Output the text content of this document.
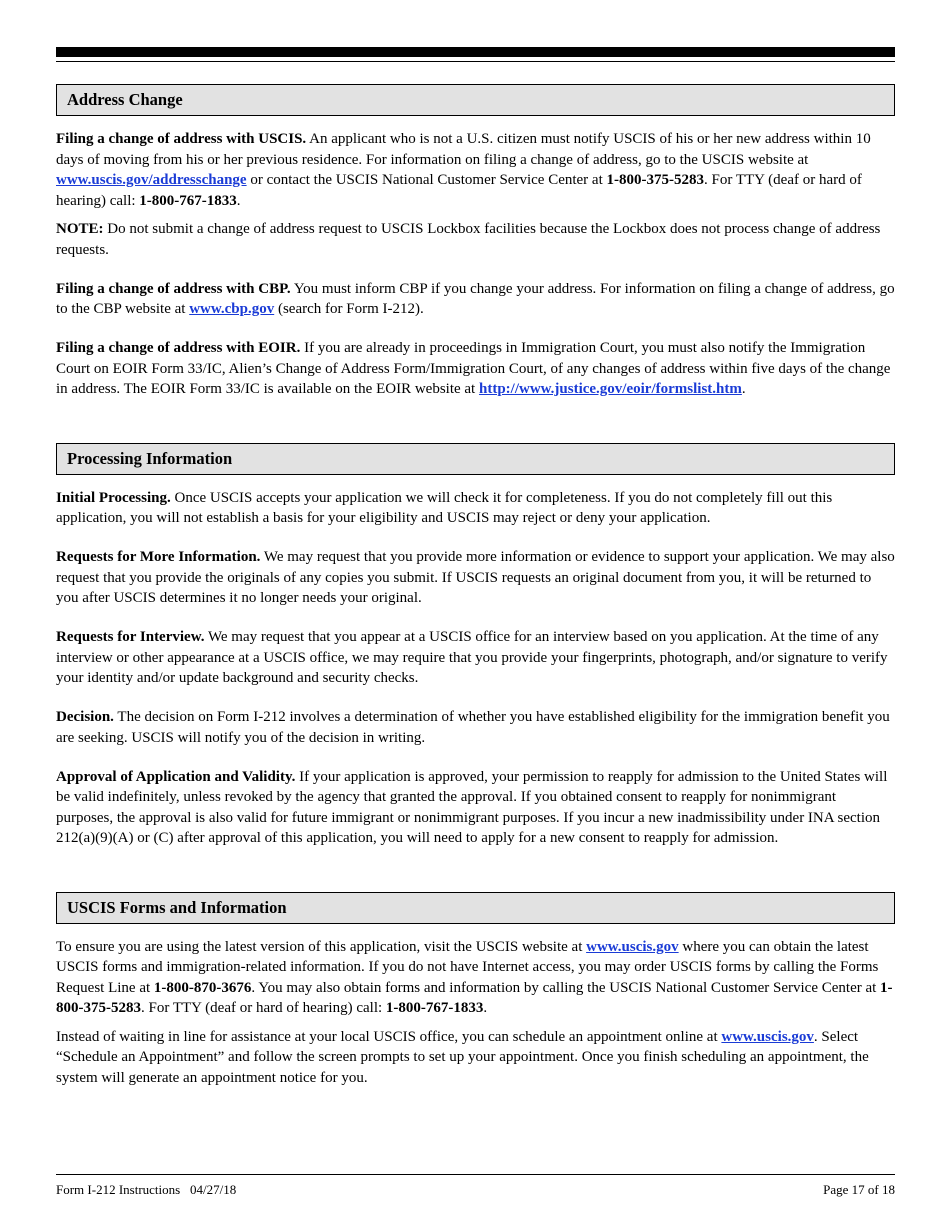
Address Change

Filing a change of address with USCIS. An applicant who is not a U.S. citizen must notify USCIS of his or her new address within 10 days of moving from his or her previous residence. For information on filing a change of address, go to the USCIS website at www.uscis.gov/addresschange or contact the USCIS National Customer Service Center at 1-800-375-5283. For TTY (deaf or hard of hearing) call: 1-800-767-1833.

NOTE: Do not submit a change of address request to USCIS Lockbox facilities because the Lockbox does not process change of address requests.

Filing a change of address with CBP. You must inform CBP if you change your address. For information on filing a change of address, go to the CBP website at www.cbp.gov (search for Form I-212).

Filing a change of address with EOIR. If you are already in proceedings in Immigration Court, you must also notify the Immigration Court on EOIR Form 33/IC, Alien’s Change of Address Form/Immigration Court, of any changes of address within five days of the change in address. The EOIR Form 33/IC is available on the EOIR website at http://www.justice.gov/eoir/formslist.htm.

Processing Information

Initial Processing. Once USCIS accepts your application we will check it for completeness. If you do not completely fill out this application, you will not establish a basis for your eligibility and USCIS may reject or deny your application.

Requests for More Information. We may request that you provide more information or evidence to support your application. We may also request that you provide the originals of any copies you submit. If USCIS requests an original document from you, it will be returned to you after USCIS determines it no longer needs your original.

Requests for Interview. We may request that you appear at a USCIS office for an interview based on you application. At the time of any interview or other appearance at a USCIS office, we may require that you provide your fingerprints, photograph, and/or signature to verify your identity and/or update background and security checks.

Decision. The decision on Form I-212 involves a determination of whether you have established eligibility for the immigration benefit you are seeking. USCIS will notify you of the decision in writing.

Approval of Application and Validity. If your application is approved, your permission to reapply for admission to the United States will be valid indefinitely, unless revoked by the agency that granted the approval. If you obtained consent to reapply for nonimmigrant purposes, the approval is also valid for future immigrant or nonimmigrant purposes. If you incur a new inadmissibility under INA section 212(a)(9)(A) or (C) after approval of this application, you will need to apply for a new consent to reapply for admission.

USCIS Forms and Information

To ensure you are using the latest version of this application, visit the USCIS website at www.uscis.gov where you can obtain the latest USCIS forms and immigration-related information. If you do not have Internet access, you may order USCIS forms by calling the Forms Request Line at 1-800-870-3676. You may also obtain forms and information by calling the USCIS National Customer Service Center at 1-800-375-5283. For TTY (deaf or hard of hearing) call: 1-800-767-1833.

Instead of waiting in line for assistance at your local USCIS office, you can schedule an appointment online at www.uscis.gov. Select “Schedule an Appointment” and follow the screen prompts to set up your appointment. Once you finish scheduling an appointment, the system will generate an appointment notice for you.

Form I-212 Instructions 04/27/18	Page 17 of 18
